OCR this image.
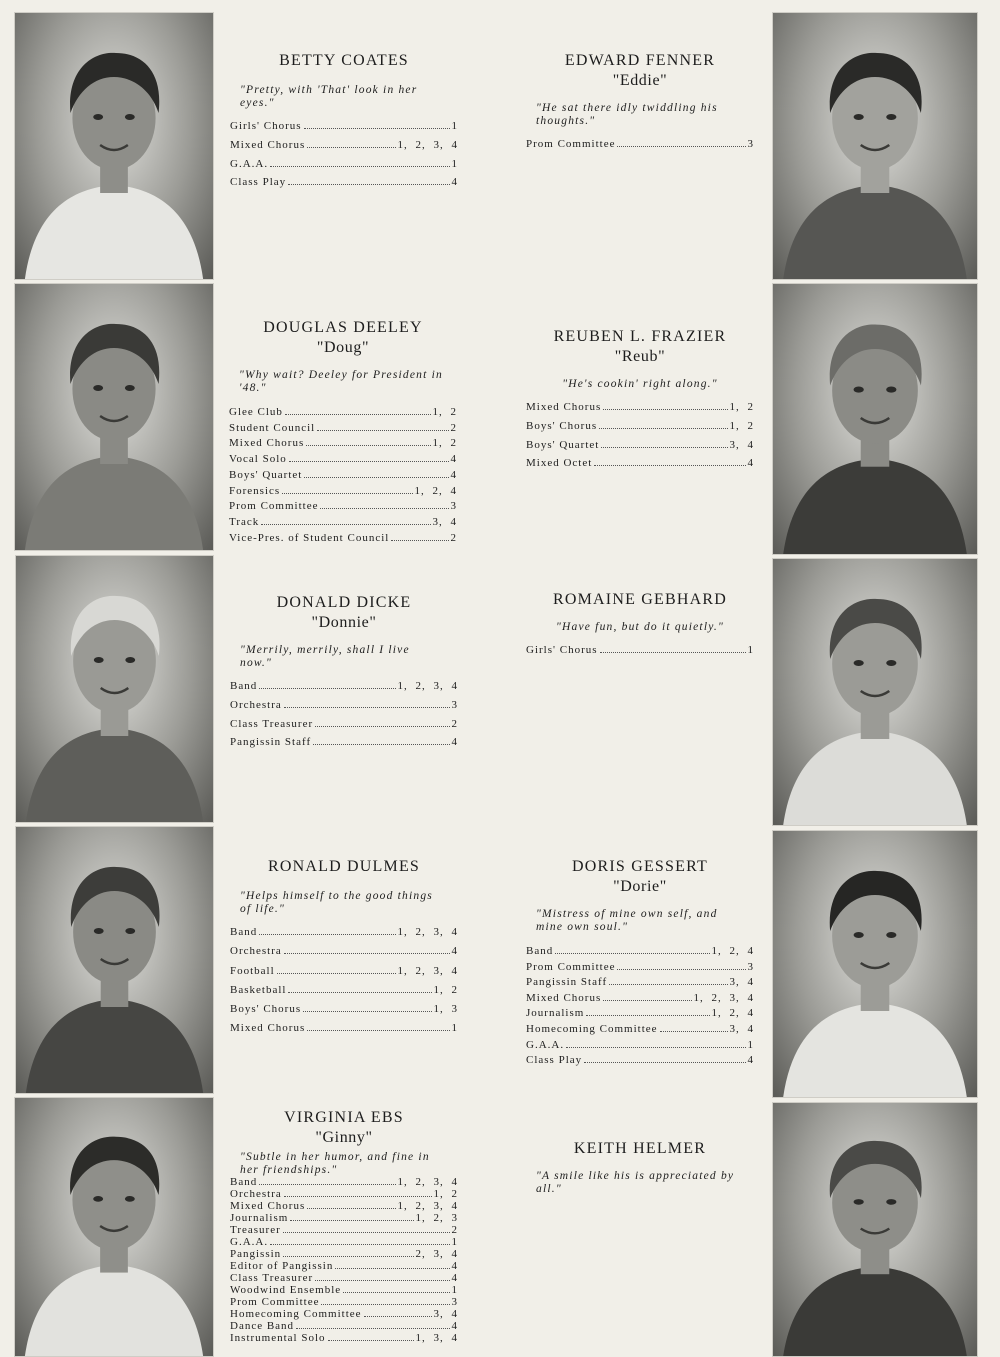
BETTY COATES

"Pretty, with 'That' look in her eyes."

Girls' Chorus	1
Mixed Chorus	1, 2, 3, 4
G.A.A.	1
Class Play	4
EDWARD FENNER

"Eddie"

"He sat there idly twiddling his thoughts."

Prom Committee	3
DOUGLAS DEELEY

"Doug"

"Why wait? Deeley for President in '48."

Glee Club	1, 2
Student Council	2
Mixed Chorus	1, 2
Vocal Solo	4
Boys' Quartet	4
Forensics	1, 2, 4
Prom Committee	3
Track	3, 4
Vice-Pres. of Student Council	2
REUBEN L. FRAZIER

"Reub"

"He's cookin' right along."

Mixed Chorus	1, 2
Boys' Chorus	1, 2
Boys' Quartet	3, 4
Mixed Octet	4
DONALD DICKE

"Donnie"

"Merrily, merrily, shall I live now."

Band	1, 2, 3, 4
Orchestra	3
Class Treasurer	2
Pangissin Staff	4
ROMAINE GEBHARD

"Have fun, but do it quietly."

Girls' Chorus	1
RONALD DULMES

"Helps himself to the good things of life."

Band	1, 2, 3, 4
Orchestra	4
Football	1, 2, 3, 4
Basketball	1, 2
Boys' Chorus	1, 3
Mixed Chorus	1
DORIS GESSERT

"Dorie"

"Mistress of mine own self, and mine own soul."

Band	1, 2, 4
Prom Committee	3
Pangissin Staff	3, 4
Mixed Chorus	1, 2, 3, 4
Journalism	1, 2, 4
Homecoming Committee	3, 4
G.A.A.	1
Class Play	4
VIRGINIA EBS

"Ginny"

"Subtle in her humor, and fine in her friendships."

Band	1, 2, 3, 4
Orchestra	1, 2
Mixed Chorus	1, 2, 3, 4
Journalism	1, 2, 3
Treasurer	2
G.A.A.	1
Pangissin	2, 3, 4
Editor of Pangissin	4
Class Treasurer	4
Woodwind Ensemble	1
Prom Committee	3
Homecoming Committee	3, 4
Dance Band	4
Instrumental Solo	1, 3, 4
KEITH HELMER

"A smile like his is appreciated by all."
